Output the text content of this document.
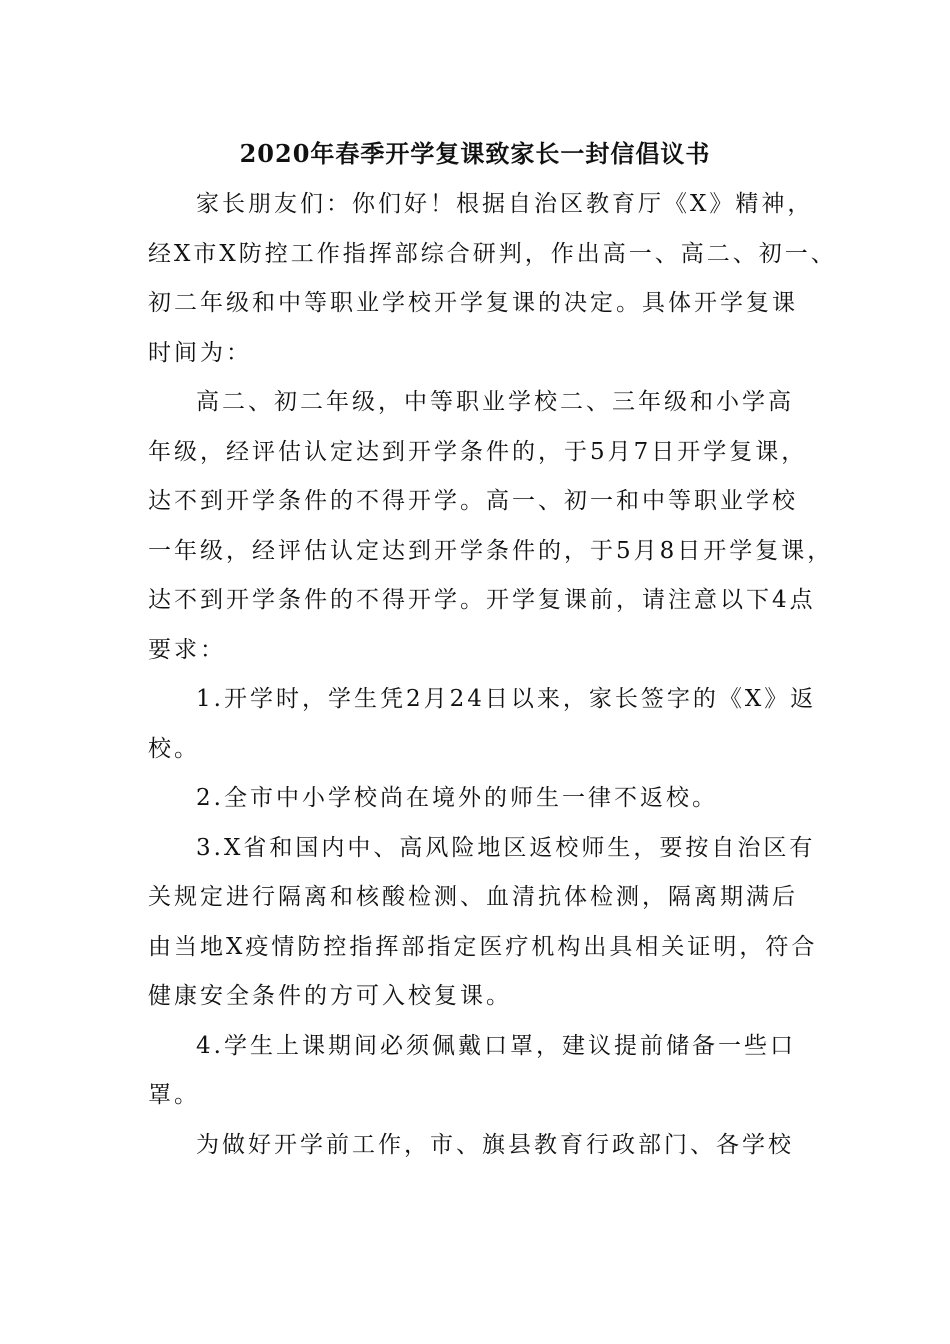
2020年春季开学复课致家长一封信倡议书

家长朋友们：你们好！根据自治区教育厅《X》精神，
经X市X防控工作指挥部综合研判，作出高一、高二、初一、
初二年级和中等职业学校开学复课的决定。具体开学复课
时间为：

高二、初二年级，中等职业学校二、三年级和小学高
年级，经评估认定达到开学条件的，于5月7日开学复课，
达不到开学条件的不得开学。高一、初一和中等职业学校
一年级，经评估认定达到开学条件的，于5月8日开学复课，
达不到开学条件的不得开学。开学复课前，请注意以下4点
要求：

1.开学时，学生凭2月24日以来，家长签字的《X》返
校。

2.全市中小学校尚在境外的师生一律不返校。

3.X省和国内中、高风险地区返校师生，要按自治区有
关规定进行隔离和核酸检测、血清抗体检测，隔离期满后
由当地X疫情防控指挥部指定医疗机构出具相关证明，符合
健康安全条件的方可入校复课。

4.学生上课期间必须佩戴口罩，建议提前储备一些口
罩。

为做好开学前工作，市、旗县教育行政部门、各学校
